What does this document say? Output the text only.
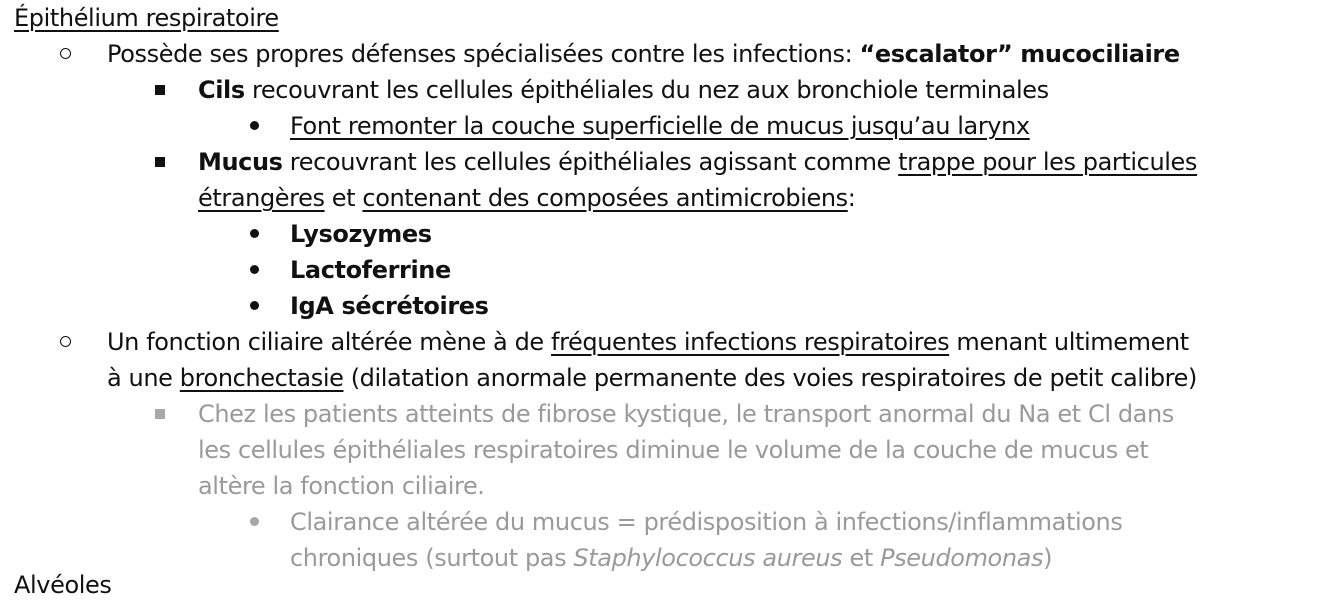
Épithélium respiratoire
Possède ses propres défenses spécialisées contre les infections: “escalator” mucociliaire
Cils recouvrant les cellules épithéliales du nez aux bronchiole terminales
Font remonter la couche superficielle de mucus jusqu’au larynx
Mucus recouvrant les cellules épithéliales agissant comme trappe pour les particules
étrangères et contenant des composées antimicrobiens:
Lysozymes
Lactoferrine
IgA sécrétoires
Un fonction ciliaire altérée mène à de fréquentes infections respiratoires menant ultimement
à une bronchectasie (dilatation anormale permanente des voies respiratoires de petit calibre)
Chez les patients atteints de fibrose kystique, le transport anormal du Na et Cl dans
les cellules épithéliales respiratoires diminue le volume de la couche de mucus et
altère la fonction ciliaire.
Clairance altérée du mucus = prédisposition à infections/inflammations
chroniques (surtout pas Staphylococcus aureus et Pseudomonas)
Alvéoles
